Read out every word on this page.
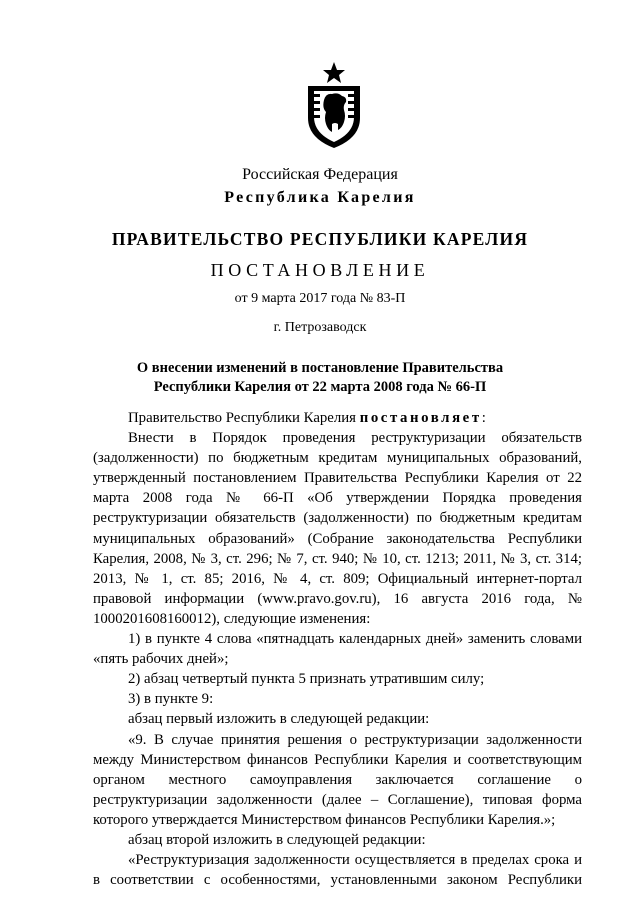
Российская Федерация
Республика Карелия
ПРАВИТЕЛЬСТВО РЕСПУБЛИКИ КАРЕЛИЯ
ПОСТАНОВЛЕНИЕ
от 9 марта 2017 года № 83-П
г. Петрозаводск
О внесении изменений в постановление Правительства
Республики Карелия от 22 марта 2008 года № 66-П

Правительство Республики Карелия постановляет:

Внести в Порядок проведения реструктуризации обязательств (задолженности) по бюджетным кредитам муниципальных образований, утвержденный постановлением Правительства Республики Карелия от 22 марта 2008 года № 66-П «Об утверждении Порядка проведения реструктуризации обязательств (задолженности) по бюджетным кредитам муниципальных образований» (Собрание законодательства Республики Карелия, 2008, № 3, ст. 296; № 7, ст. 940; № 10, ст. 1213; 2011, № 3, ст. 314; 2013, № 1, ст. 85; 2016, № 4, ст. 809; Официальный интернет-портал правовой информации (www.pravo.gov.ru), 16 августа 2016 года, № 1000201608160012), следующие изменения:

1) в пункте 4 слова «пятнадцать календарных дней» заменить словами «пять рабочих дней»;

2) абзац четвертый пункта 5 признать утратившим силу;

3) в пункте 9:

абзац первый изложить в следующей редакции:

«9. В случае принятия решения о реструктуризации задолженности между Министерством финансов Республики Карелия и соответствующим органом местного самоуправления заключается соглашение о реструктуризации задолженности (далее – Соглашение), типовая форма которого утверждается Министерством финансов Республики Карелия.»;

абзац второй изложить в следующей редакции:

«Реструктуризация задолженности осуществляется в пределах срока и в соответствии с особенностями, установленными законом Республики
